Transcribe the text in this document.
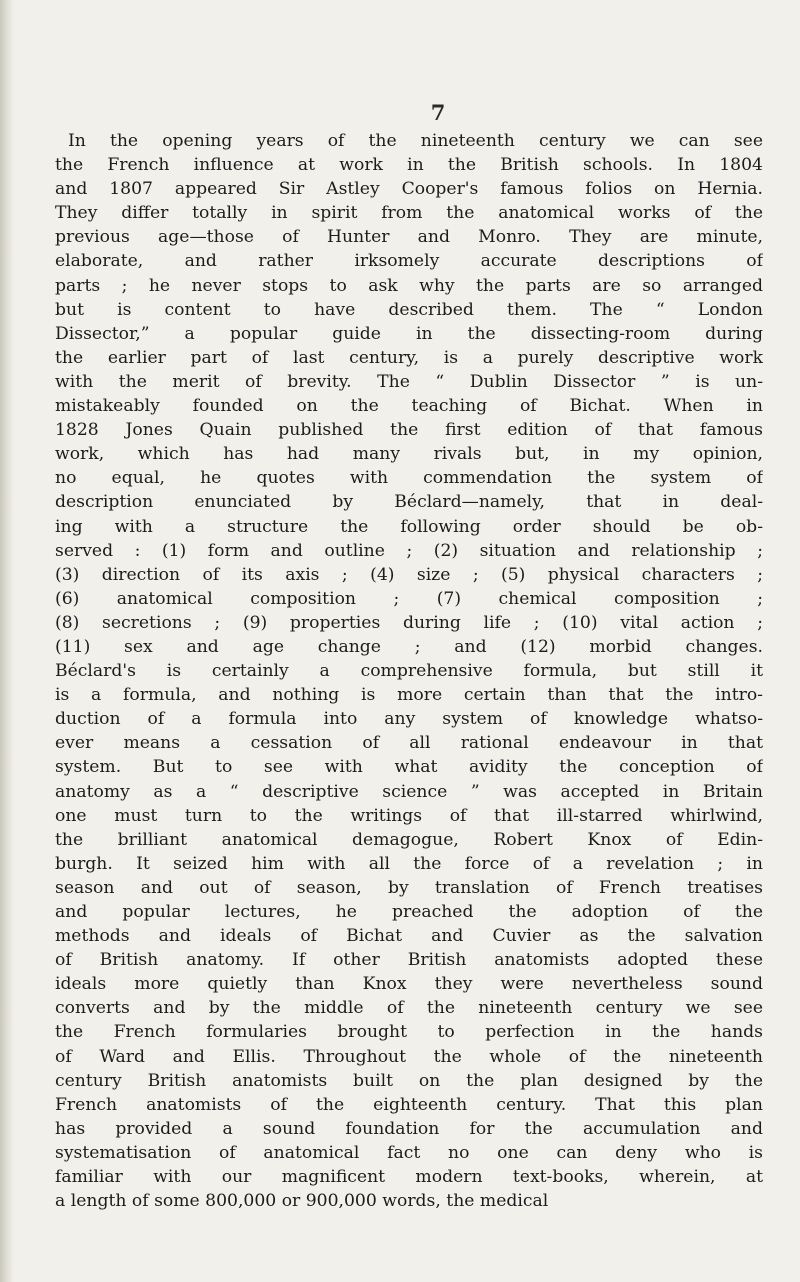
7
In the opening years of the nineteenth century we can see
the French influence at work in the British schools. In 1804
and 1807 appeared Sir Astley Cooper's famous folios on Hernia.
They differ totally in spirit from the anatomical works of the
previous age—those of Hunter and Monro. They are minute,
elaborate, and rather irksomely accurate descriptions of
parts ; he never stops to ask why the parts are so arranged
but is content to have described them. The “ London
Dissector,” a popular guide in the dissecting-room during
the earlier part of last century, is a purely descriptive work
with the merit of brevity. The “ Dublin Dissector ” is un-
mistakeably founded on the teaching of Bichat. When in
1828 Jones Quain published the first edition of that famous
work, which has had many rivals but, in my opinion,
no equal, he quotes with commendation the system of
description enunciated by Béclard—namely, that in deal-
ing with a structure the following order should be ob-
served : (1) form and outline ; (2) situation and relationship ;
(3) direction of its axis ; (4) size ; (5) physical characters ;
(6) anatomical composition ; (7) chemical composition ;
(8) secretions ; (9) properties during life ; (10) vital action ;
(11) sex and age change ; and (12) morbid changes.
Béclard's is certainly a comprehensive formula, but still it
is a formula, and nothing is more certain than that the intro-
duction of a formula into any system of knowledge whatso-
ever means a cessation of all rational endeavour in that
system. But to see with what avidity the conception of
anatomy as a “ descriptive science ” was accepted in Britain
one must turn to the writings of that ill-starred whirlwind,
the brilliant anatomical demagogue, Robert Knox of Edin-
burgh. It seized him with all the force of a revelation ; in
season and out of season, by translation of French treatises
and popular lectures, he preached the adoption of the
methods and ideals of Bichat and Cuvier as the salvation
of British anatomy. If other British anatomists adopted these
ideals more quietly than Knox they were nevertheless sound
converts and by the middle of the nineteenth century we see
the French formularies brought to perfection in the hands
of Ward and Ellis. Throughout the whole of the nineteenth
century British anatomists built on the plan designed by the
French anatomists of the eighteenth century. That this plan
has provided a sound foundation for the accumulation and
systematisation of anatomical fact no one can deny who is
familiar with our magnificent modern text-books, wherein, at
a length of some 800,000 or 900,000 words, the medical
